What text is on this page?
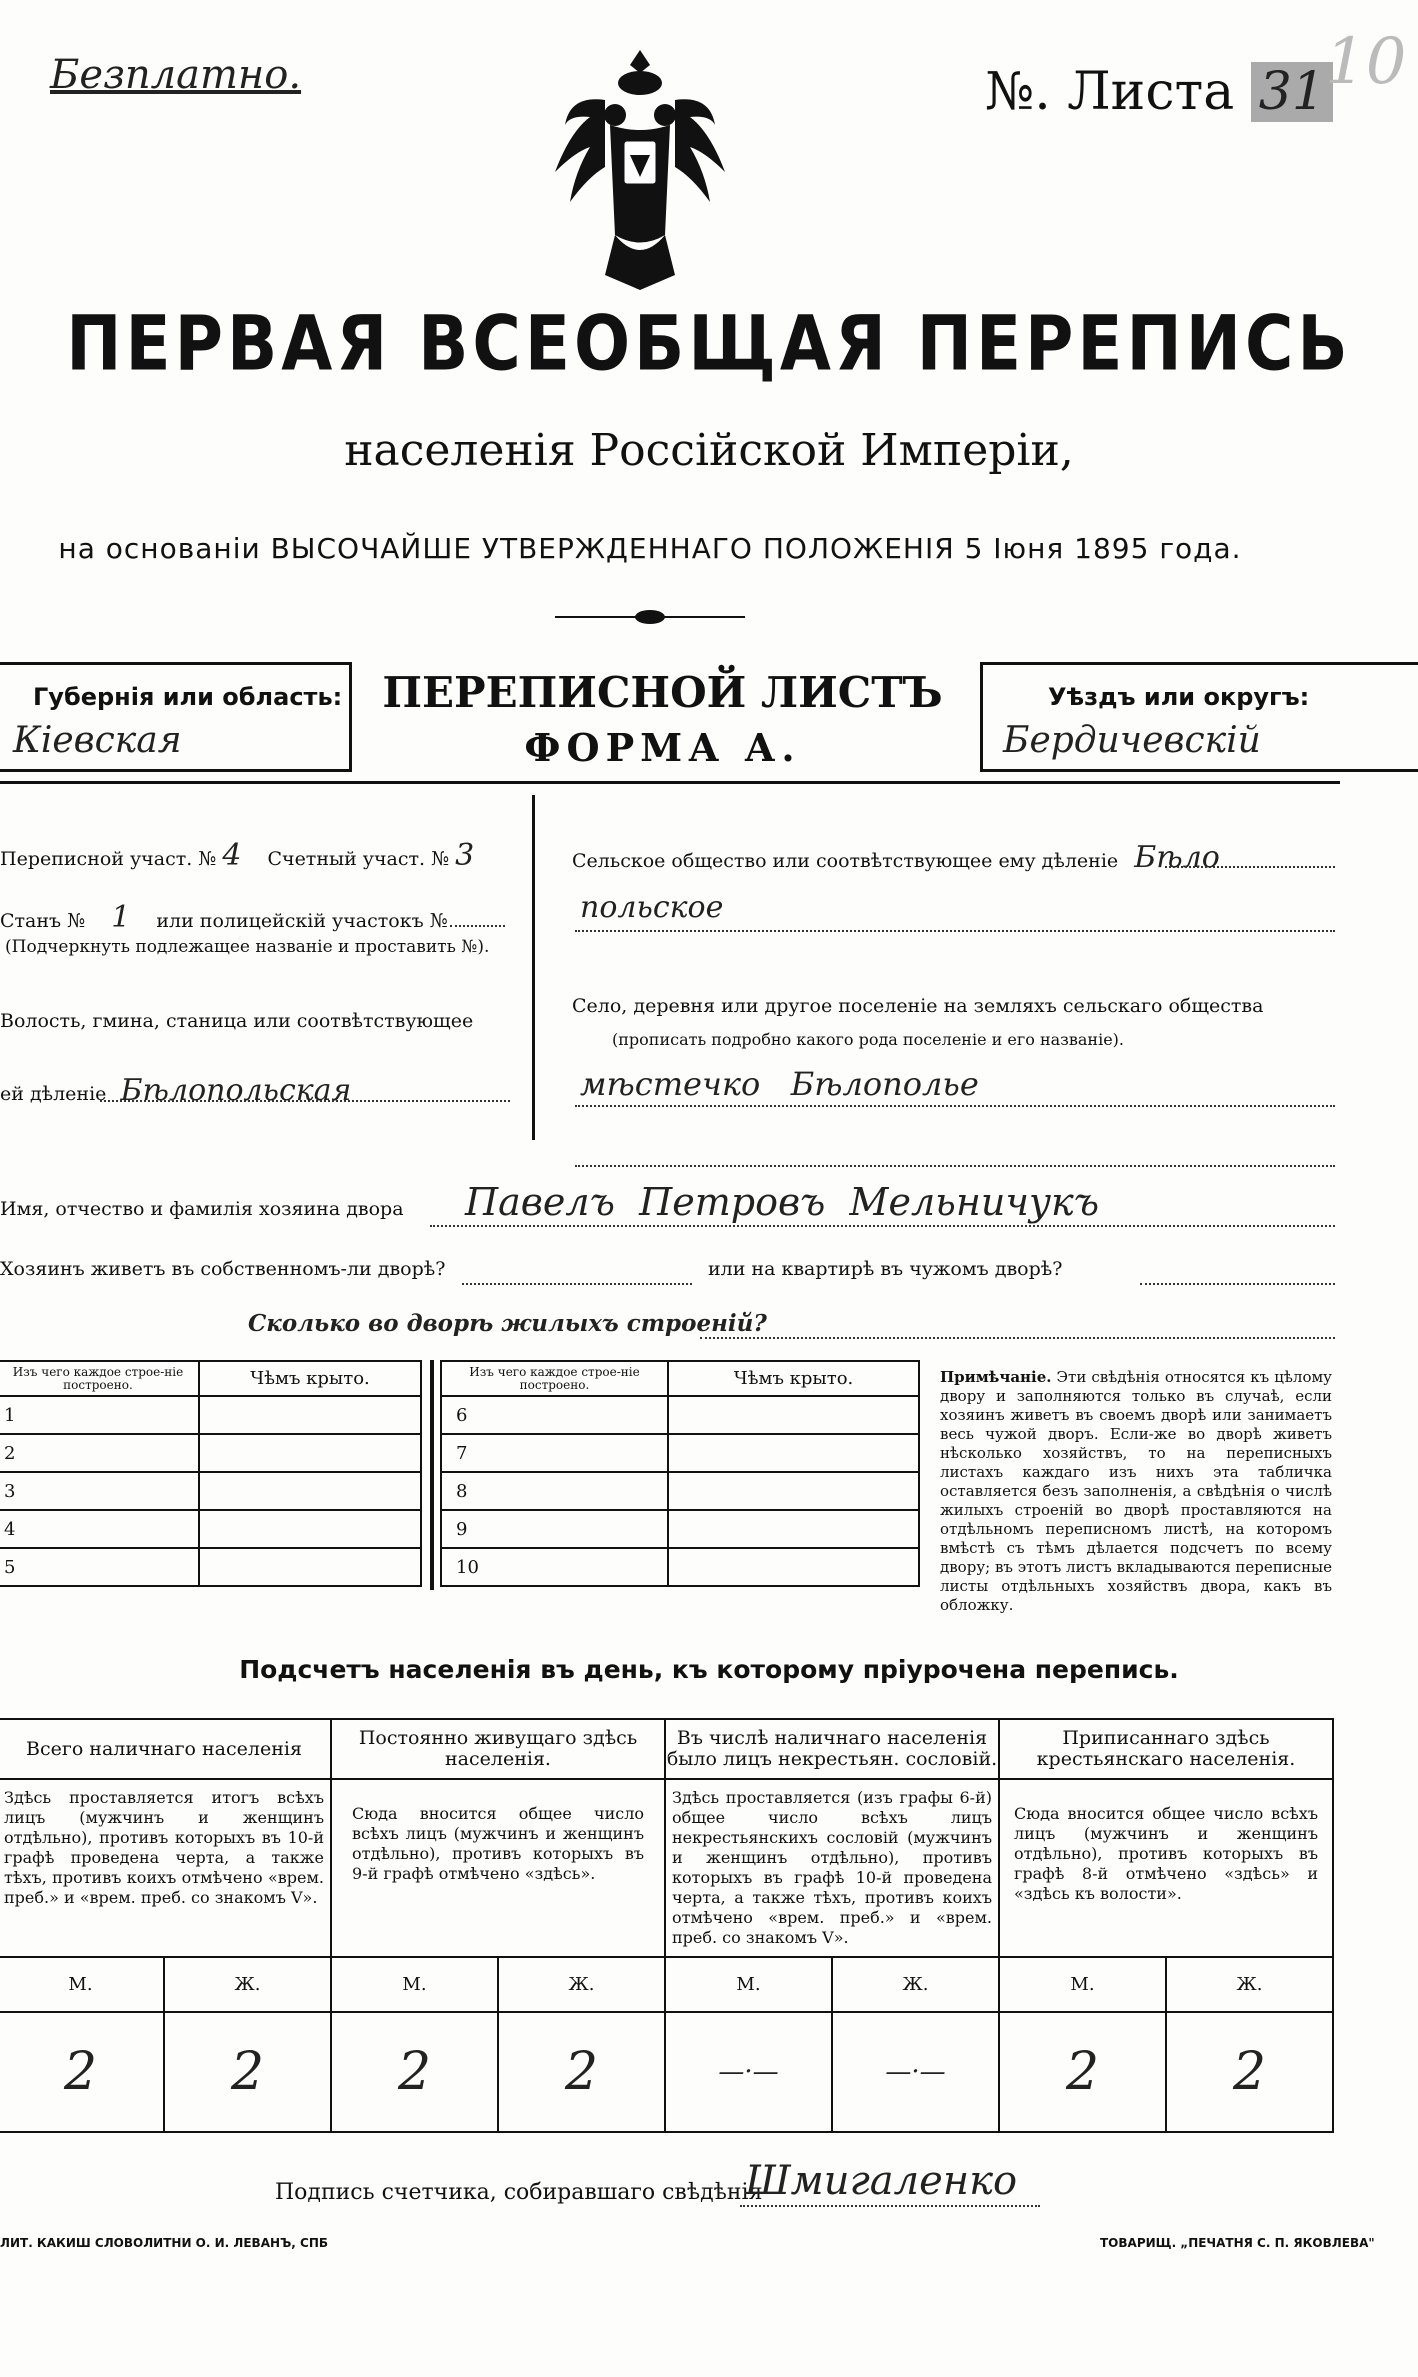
Безплатно.	№. Листа 31 10
ПЕРВАЯ ВСЕОБЩАЯ ПЕРЕПИСЬ
населенія Россійской Имперіи,
на основаніи ВЫСОЧАЙШЕ УТВЕРЖДЕННАГО ПОЛОЖЕНІЯ 5 Іюня 1895 года.
Губернія или область:
Кіевская
ПЕРЕПИСНОЙ ЛИСТЪ
ФОРМА А.
Уѣздъ или округъ:
Бердичевскій
Переписной участ. № 4 Счетный участ. № 3
Станъ № 1 или полицейскій участокъ №
(Подчеркнуть подлежащее названіе и проставить №).
Волость, гмина, станица или соотвѣтствующее
ей дѣленіе Бѣлопольская
Сельское общество или соотвѣтствующее ему дѣленіе Бѣло
польское
Село, деревня или другое поселеніе на земляхъ сельскаго общества
(прописать подробно какого рода поселеніе и его названіе).
мѣстечко   Бѣлополье
Имя, отчество и фамилія хозяина двора Павелъ  Петровъ  Мельничукъ
Хозяинъ живетъ въ собственномъ-ли дворѣ?	или на квартирѣ въ чужомъ дворѣ?
Сколько во дворѣ жилыхъ строеній?
Изъ чего каждое строе-ніе построено.	Чѣмъ крыто.
1	
2	
3	
4	
5	
Изъ чего каждое строе-ніе построено.	Чѣмъ крыто.
6	
7	
8	
9	
10	
Примѣчаніе. Эти свѣдѣнія относятся къ цѣлому двору и заполняются только въ случаѣ, если хозяинъ живетъ въ своемъ дворѣ или занимаетъ весь чужой дворъ. Если-же во дворѣ живетъ нѣсколько хозяйствъ, то на переписныхъ листахъ каждаго изъ нихъ эта табличка оставляется безъ заполненія, а свѣдѣнія о числѣ жилыхъ строеній во дворѣ проставляются на отдѣльномъ переписномъ листѣ, на которомъ вмѣстѣ съ тѣмъ дѣлается подсчетъ по всему двору; въ этотъ листъ вкладываются переписные листы отдѣльныхъ хозяйствъ двора, какъ въ обложку.
Подсчетъ населенія въ день, къ которому пріурочена перепись.
Всего наличнаго населенія		Постоянно живущаго здѣсь населенія.		Въ числѣ наличнаго населенія было лицъ некрестьян. сословій.		Приписаннаго здѣсь крестьянскаго населенія.	
Здѣсь проставляется итогъ всѣхъ лицъ (мужчинъ и женщинъ отдѣльно), противъ которыхъ въ 10-й графѣ проведена черта, а также тѣхъ, противъ коихъ отмѣчено «врем. преб.» и «врем. преб. со знакомъ V».		Сюда вносится общее число всѣхъ лицъ (мужчинъ и женщинъ отдѣльно), противъ которыхъ въ 9-й графѣ отмѣчено «здѣсь».		Здѣсь проставляется (изъ графы 6-й) общее число всѣхъ лицъ некрестьянскихъ сословій (мужчинъ и женщинъ отдѣльно), противъ которыхъ въ графѣ 10-й проведена черта, а также тѣхъ, противъ коихъ отмѣчено «врем. преб.» и «врем. преб. со знакомъ V».		Сюда вносится общее число всѣхъ лицъ (мужчинъ и женщинъ отдѣльно), противъ которыхъ въ графѣ 8-й отмѣчено «здѣсь» и «здѣсь къ волости».	
М.	Ж.	М.	Ж.	М.	Ж.	М.	Ж.
2	2	2	2	—·—	—·—	2	2
Подпись счетчика, собиравшаго свѣдѣнія
Шмигаленко
ЛИТ. КАКИШ СЛОВОЛИТНИ О. И. ЛЕВАНЪ, СПБ	ТОВАРИЩ. „ПЕЧАТНЯ С. П. ЯКОВЛЕВА"
